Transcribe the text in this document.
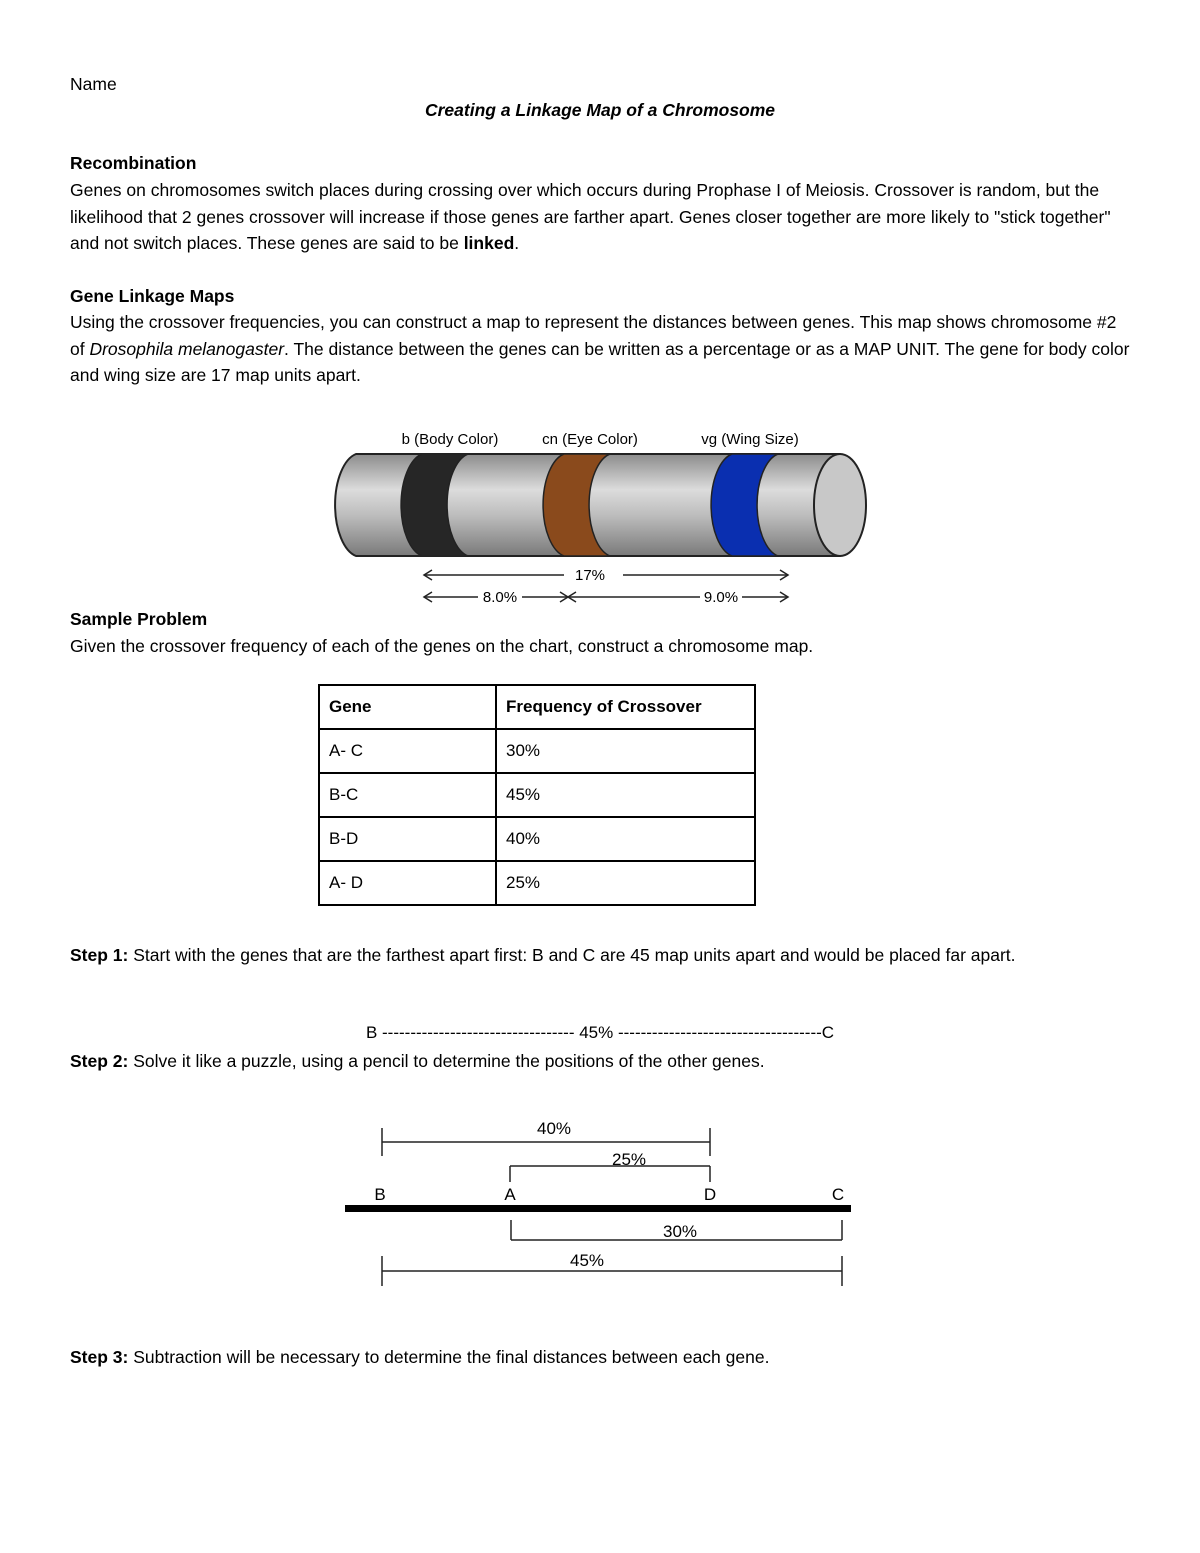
Name
Creating a Linkage Map of a Chromosome
Recombination

Genes on chromosomes switch places during crossing over which occurs during Prophase I of Meiosis. Crossover is random, but the likelihood that 2 genes crossover will increase if those genes are farther apart. Genes closer together are more likely to "stick together" and not switch places. These genes are said to be linked.

Gene Linkage Maps

Using the crossover frequencies, you can construct a map to represent the distances between genes. This map shows chromosome #2 of Drosophila melanogaster. The distance between the genes can be written as a percentage or as a MAP UNIT. The gene for body color and wing size are 17 map units apart.

b (Body Color)	cn (Eye Color)	vg (Wing Size)
17%
8.0%	9.0%
Sample Problem
Given the crossover frequency of each of the genes on the chart, construct a chromosome map.
Gene	Frequency of Crossover
A- C	30%
B-C	45%
B-D	40%
A- D	25%

Step 1: Start with the genes that are the farthest apart first: B and C are 45 map units apart and would be placed far apart.

B ---------------------------------- 45% ------------------------------------C

Step 2: Solve it like a puzzle, using a pencil to determine the positions of the other genes.

40%
25%
B	A	D	C
30%
45%

Step 3: Subtraction will be necessary to determine the final distances between each gene.
